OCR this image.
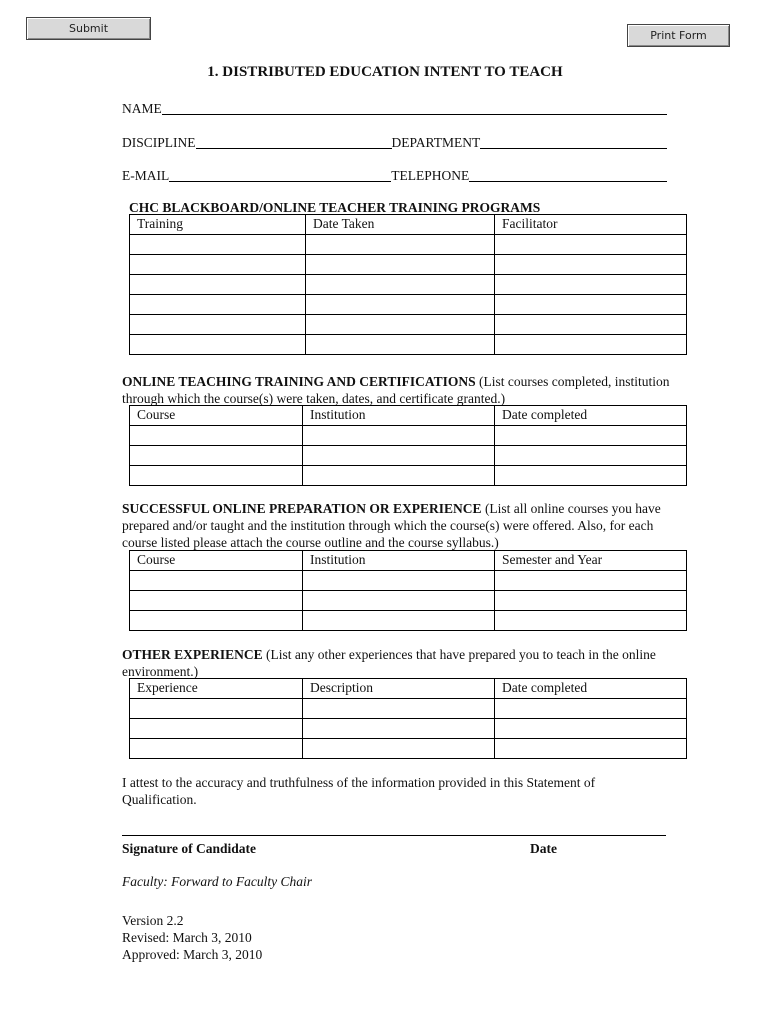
Submit
Print Form
1. DISTRIBUTED EDUCATION INTENT TO TEACH
NAME
DISCIPLINE	DEPARTMENT
E-MAIL	TELEPHONE
CHC BLACKBOARD/ONLINE TEACHER TRAINING PROGRAMS
Training	Date Taken	Facilitator

ONLINE TEACHING TRAINING AND CERTIFICATIONS (List courses completed, institution through which the course(s) were taken, dates, and certificate granted.)
Course	Institution	Date completed

SUCCESSFUL ONLINE PREPARATION OR EXPERIENCE (List all online courses you have prepared and/or taught and the institution through which the course(s) were offered. Also, for each course listed please attach the course outline and the course syllabus.)
Course	Institution	Semester and Year

OTHER EXPERIENCE (List any other experiences that have prepared you to teach in the online environment.)
Experience	Description	Date completed

I attest to the accuracy and truthfulness of the information provided in this Statement of Qualification.
Signature of Candidate	Date
Faculty: Forward to Faculty Chair
Version 2.2
Revised: March 3, 2010
Approved: March 3, 2010
